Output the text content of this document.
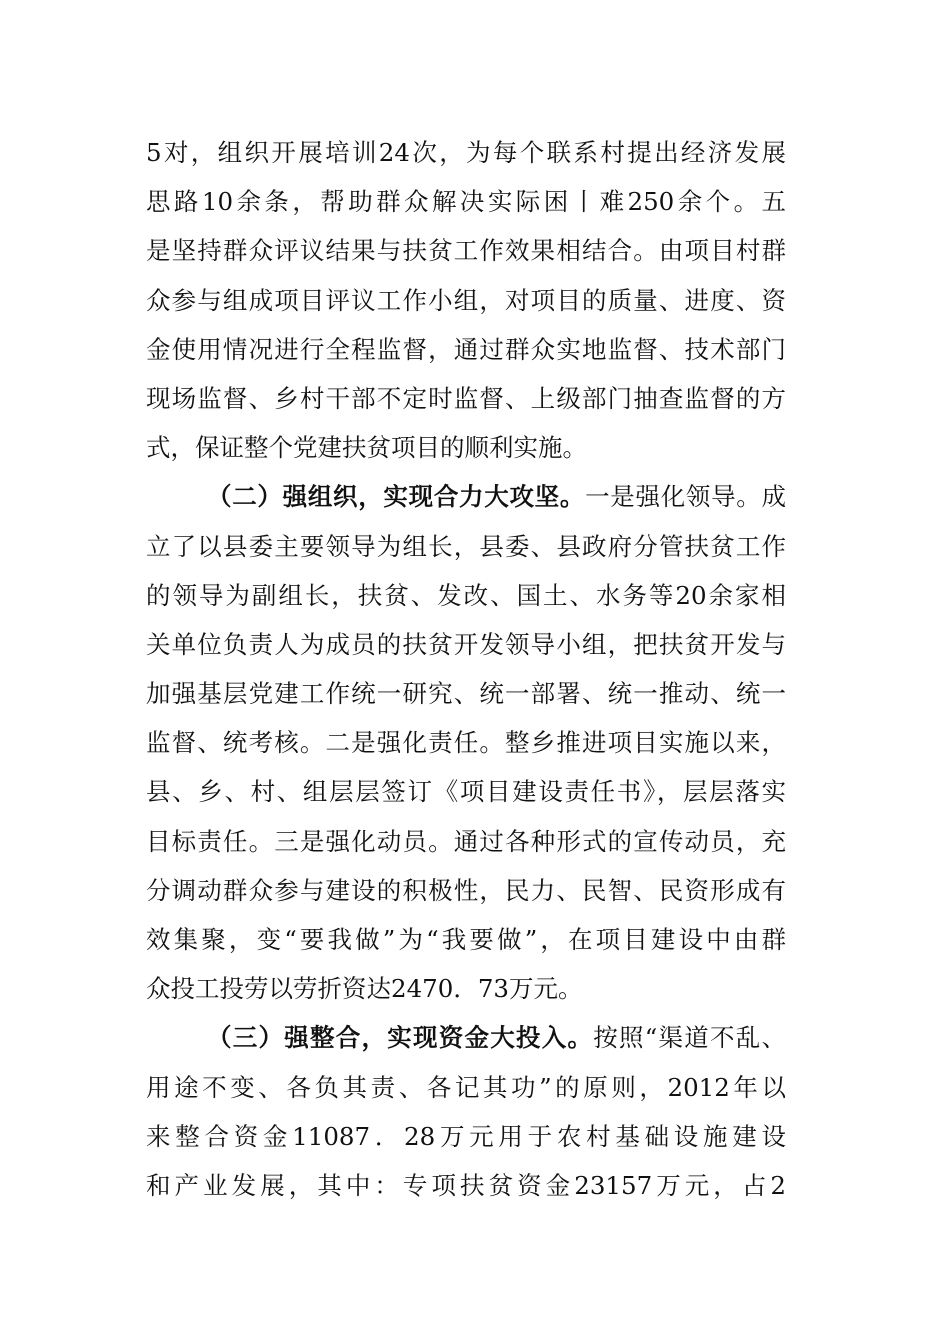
5对，组织开展培训24次，为每个联系村提出经济发展
思路10余条，帮助群众解决实际困丨难250余个。五
是坚持群众评议结果与扶贫工作效果相结合。由项目村群
众参与组成项目评议工作小组，对项目的质量、进度、资
金使用情况进行全程监督，通过群众实地监督、技术部门
现场监督、乡村干部不定时监督、上级部门抽查监督的方
式，保证整个党建扶贫项目的顺利实施。
（二）强组织，实现合力大攻坚。一是强化领导。成
立了以县委主要领导为组长，县委、县政府分管扶贫工作
的领导为副组长，扶贫、发改、国土、水务等20余家相
关单位负责人为成员的扶贫开发领导小组，把扶贫开发与
加强基层党建工作统一研究、统一部署、统一推动、统一
监督、统考核。二是强化责任。整乡推进项目实施以来，
县、乡、村、组层层签订《项目建设责任书》，层层落实
目标责任。三是强化动员。通过各种形式的宣传动员，充
分调动群众参与建设的积极性，民力、民智、民资形成有
效集聚，变“要我做”为“我要做”，在项目建设中由群
众投工投劳以劳折资达2470．73万元。
（三）强整合，实现资金大投入。按照“渠道不乱、
用途不变、各负其责、各记其功”的原则，2012年以
来整合资金11087．28万元用于农村基础设施建设
和产业发展，其中：专项扶贫资金23157万元，占2
